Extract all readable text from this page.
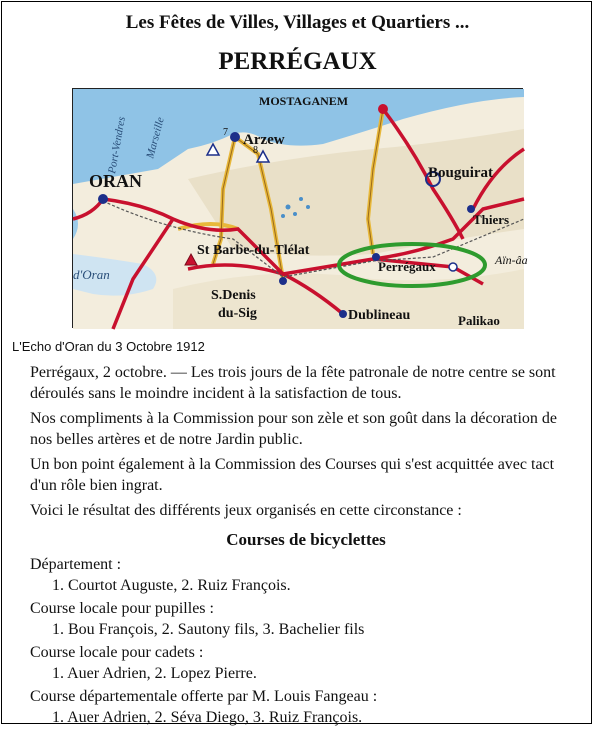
Les Fêtes de Villes, Villages et Quartiers ...
PERRÉGAUX
MOSTAGANEM
Arzew
7
8
ORAN	Bouguirat
Thiers
St Barbe-du-Tlélat
Perrégaux
S.Denis
du-Sig	Dublineau	Palikao
Aïn-âa
d'Oran
Port-Vendres Marseille
L'Echo d'Oran du 3 Octobre 1912

Perrégaux, 2 octobre. — Les trois jours de la fête patronale de notre centre se sont déroulés sans le moindre incident à la satisfaction de tous.

Nos compliments à la Commission pour son zèle et son goût dans la décoration de nos belles artères et de notre Jardin public.

Un bon point également à la Commission des Courses qui s'est acquittée avec tact d'un rôle bien ingrat.

Voici le résultat des différents jeux organisés en cette circonstance :

Courses de bicyclettes
Département :
1. Courtot Auguste, 2. Ruiz François.
Course locale pour pupilles :
1. Bou François, 2. Sautony fils, 3. Bachelier fils
Course locale pour cadets :
1. Auer Adrien, 2. Lopez Pierre.
Course départementale offerte par M. Louis Fangeau :
1. Auer Adrien, 2. Séva Diego, 3. Ruiz François.
